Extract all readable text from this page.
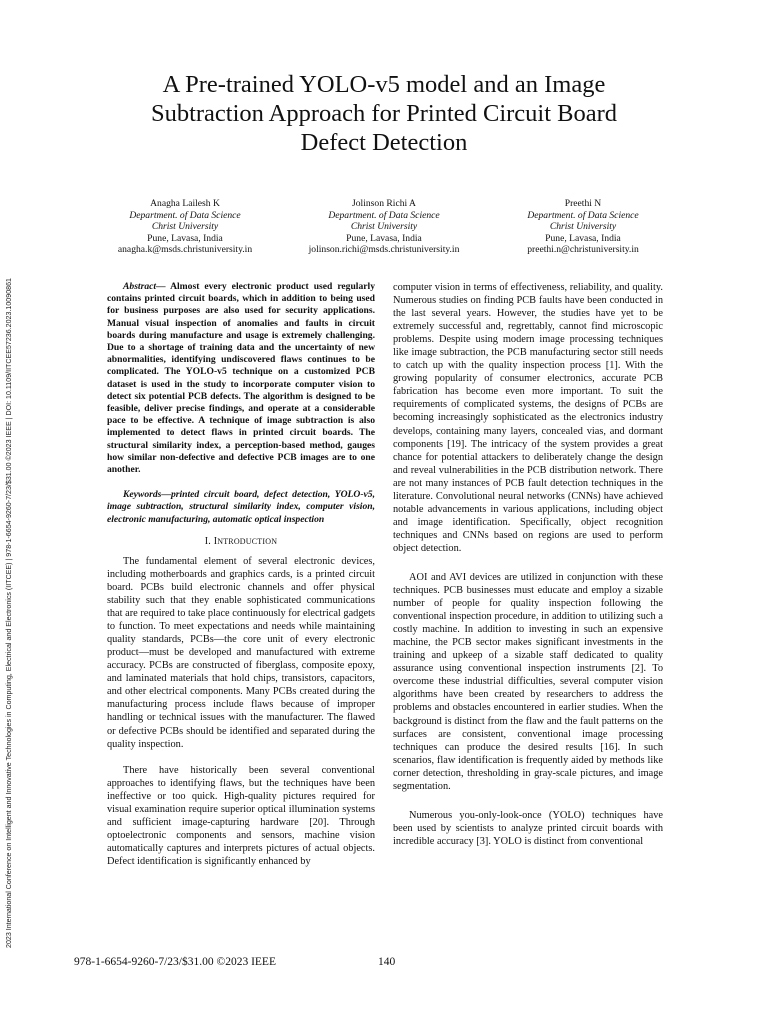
2023 International Conference on Intelligent and Innovative Technologies in Computing, Electrical and Electronics (IITCEE) | 978-1-6654-9260-7/23/$31.00 ©2023 IEEE | DOI: 10.1109/IITCEE57236.2023.10090861
A Pre-trained YOLO-v5 model and an Image
Subtraction Approach for Printed Circuit Board
Defect Detection
Anagha Lailesh K
Department. of Data Science
Christ University
Pune, Lavasa, India
anagha.k@msds.christuniversity.in
Jolinson Richi A
Department. of Data Science
Christ University
Pune, Lavasa, India
jolinson.richi@msds.christuniversity.in
Preethi N
Department. of Data Science
Christ University
Pune, Lavasa, India
preethi.n@christuniversity.in

Abstract— Almost every electronic product used regularly contains printed circuit boards, which in addition to being used for business purposes are also used for security applications. Manual visual inspection of anomalies and faults in circuit boards during manufacture and usage is extremely challenging. Due to a shortage of training data and the uncertainty of new abnormalities, identifying undiscovered flaws continues to be complicated. The YOLO-v5 technique on a customized PCB dataset is used in the study to incorporate computer vision to detect six potential PCB defects. The algorithm is designed to be feasible, deliver precise findings, and operate at a considerable pace to be effective. A technique of image subtraction is also implemented to detect flaws in printed circuit boards. The structural similarity index, a perception-based method, gauges how similar non-defective and defective PCB images are to one another.

Keywords—printed circuit board, defect detection, YOLO-v5, image subtraction, structural similarity index, computer vision, electronic manufacturing, automatic optical inspection

I. INTRODUCTION

The fundamental element of several electronic devices, including motherboards and graphics cards, is a printed circuit board. PCBs build electronic channels and offer physical stability such that they enable sophisticated communications that are required to take place continuously for electrical gadgets to function. To meet expectations and needs while maintaining quality standards, PCBs—the core unit of every electronic product—must be developed and manufactured with extreme accuracy. PCBs are constructed of fiberglass, composite epoxy, and laminated materials that hold chips, transistors, capacitors, and other electrical components. Many PCBs created during the manufacturing process include flaws because of improper handling or technical issues with the manufacturer. The flawed or defective PCBs should be identified and separated during the quality inspection.

There have historically been several conventional approaches to identifying flaws, but the techniques have been ineffective or too quick. High-quality pictures required for visual examination require superior optical illumination systems and sufficient image-capturing hardware [20]. Through optoelectronic components and sensors, machine vision automatically captures and interprets pictures of actual objects. Defect identification is significantly enhanced by

computer vision in terms of effectiveness, reliability, and quality. Numerous studies on finding PCB faults have been conducted in the last several years. However, the studies have yet to be extremely successful and, regrettably, cannot find microscopic problems. Despite using modern image processing techniques like image subtraction, the PCB manufacturing sector still needs to catch up with the quality inspection process [1]. With the growing popularity of consumer electronics, accurate PCB fabrication has become even more important. To suit the requirements of complicated systems, the designs of PCBs are becoming increasingly sophisticated as the electronics industry develops, containing many layers, concealed vias, and dormant components [19]. The intricacy of the system provides a great chance for potential attackers to deliberately change the design and reveal vulnerabilities in the PCB distribution network. There are not many instances of PCB fault detection techniques in the literature. Convolutional neural networks (CNNs) have achieved notable advancements in various applications, including object and image identification. Specifically, object recognition techniques and CNNs based on regions are used to perform object detection.

AOI and AVI devices are utilized in conjunction with these techniques. PCB businesses must educate and employ a sizable number of people for quality inspection following the conventional inspection procedure, in addition to utilizing such a costly machine. In addition to investing in such an expensive machine, the PCB sector makes significant investments in the training and upkeep of a sizable staff dedicated to quality assurance using conventional inspection instruments [2]. To overcome these industrial difficulties, several computer vision algorithms have been created by researchers to address the problems and obstacles encountered in earlier studies. When the background is distinct from the flaw and the fault patterns on the surfaces are consistent, conventional image processing techniques can produce the desired results [16]. In such scenarios, flaw identification is frequently aided by methods like corner detection, thresholding in gray-scale pictures, and image segmentation.

Numerous you-only-look-once (YOLO) techniques have been used by scientists to analyze printed circuit boards with incredible accuracy [3]. YOLO is distinct from conventional

978-1-6654-9260-7/23/$31.00 ©2023 IEEE	140
